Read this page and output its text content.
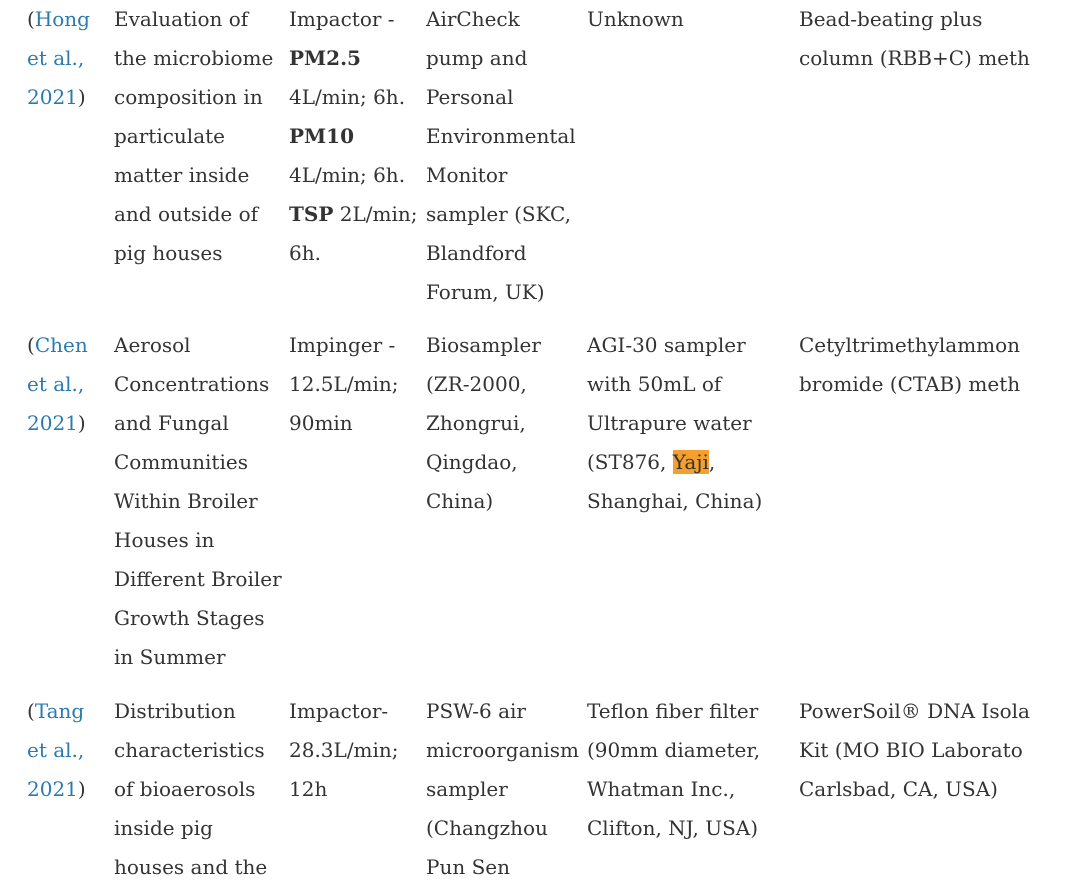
(Hong
et al.,
2021)
Evaluation of
the microbiome
composition in
particulate
matter inside
and outside of
pig houses
Impactor -
PM2.5
4L/min; 6h.
PM10
4L/min; 6h.
TSP 2L/min;
6h.
AirCheck
pump and
Personal
Environmental
Monitor
sampler (SKC,
Blandford
Forum, UK)
Unknown	Bead-beating plus
column (RBB+C) meth
(Chen
et al.,
2021)
Aerosol
Concentrations
and Fungal
Communities
Within Broiler
Houses in
Different Broiler
Growth Stages
in Summer
Impinger -
12.5L/min;
90min
Biosampler
(ZR-2000,
Zhongrui,
Qingdao,
China)
AGI-30 sampler
with 50mL of
Ultrapure water
(ST876, Yaji,
Shanghai, China)
Cetyltrimethylammon
bromide (CTAB) meth
(Tang
et al.,
2021)
Distribution
characteristics
of bioaerosols
inside pig
houses and the
Impactor-
28.3L/min;
12h
PSW-6 air
microorganism
sampler
(Changzhou
Pun Sen
Teflon fiber filter
(90mm diameter,
Whatman Inc.,
Clifton, NJ, USA)
PowerSoil® DNA Isola
Kit (MO BIO Laborato
Carlsbad, CA, USA)
